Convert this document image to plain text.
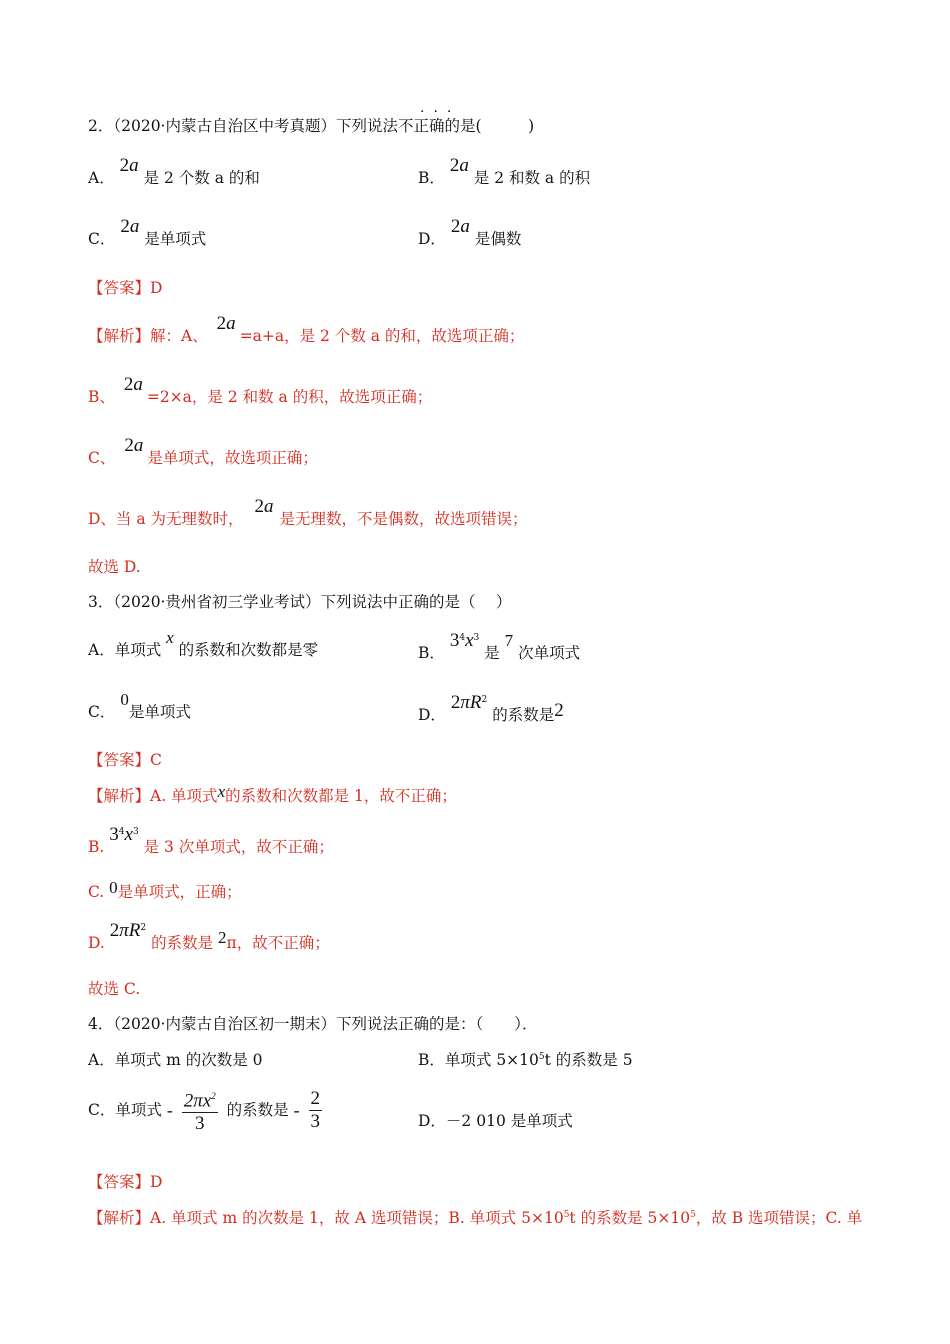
2．（2020·内蒙古自治区中考真题）下列说法不正确的是(　　　)
···
A． 2a 是 2 个数 a 的和	B． 2a 是 2 和数 a 的积
C． 2a 是单项式	D． 2a 是偶数
【答案】D
【解析】解：A、 2a=a+a，是 2 个数 a 的和，故选项正确；
B、 2a=2×a，是 2 和数 a 的积，故选项正确；
C、 2a是单项式，故选项正确；
D、当 a 为无理数时， 2a是无理数，不是偶数，故选项错误；
故选 D.
3．（2020·贵州省初三学业考试）下列说法中正确的是（　 ）
A．单项式 x 的系数和次数都是零	B． $3^4x^3$ 是 7 次单项式
C． 0是单项式	D． $2\pi R^2$ 的系数是2
【答案】C
【解析】A. 单项式x的系数和次数都是 1，故不正确；
B. $3^4x^3$ 是 3 次单项式，故不正确；
C. 0是单项式，正确；
D. $2\pi R^2$ 的系数是 2π，故不正确；
故选 C.
4．（2020·内蒙古自治区初一期末）下列说法正确的是：（　　）．
A．单项式 m 的次数是 0	B．单项式 $5\times 10^5t$ 的系数是 5
C．单项式 - $\frac{2\pi x^2}{3}$ 的系数是 - $\frac{2}{3}$	D．－2 010 是单项式
【答案】D
【解析】A. 单项式 m 的次数是 1，故 A 选项错误；B. 单项式 $5\times 10^5t$ 的系数是 $5\times 10^5$，故 B 选项错误；C. 单
